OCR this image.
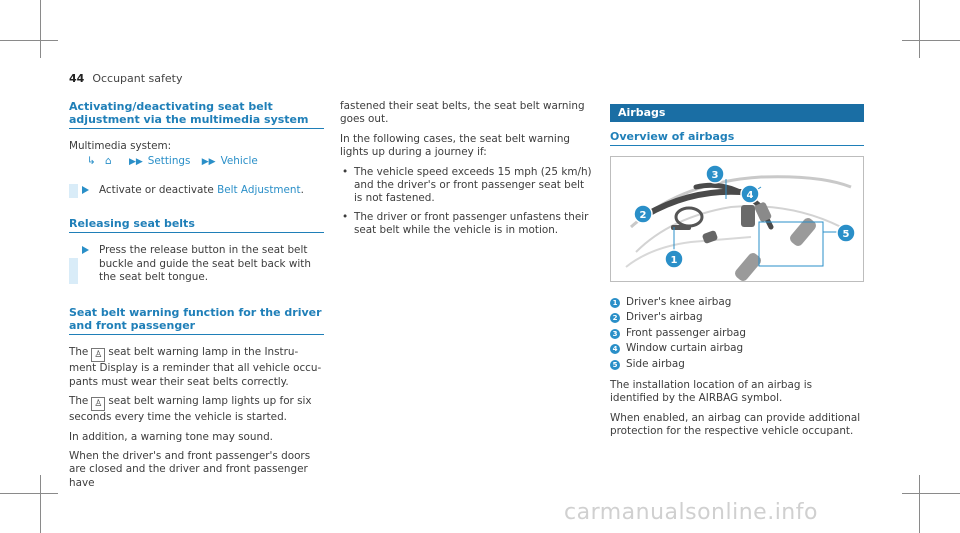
44 Occupant safety
Activating/deactivating seat belt adjustment via the multimedia system

Multimedia system:

↳ ⌂ ▶▶ Settings ▶▶ Vehicle
Activate or deactivate Belt Adjustment.
Releasing seat belts
Press the release button in the seat belt buckle and guide the seat belt back with the seat belt tongue.
Seat belt warning function for the driver and front passenger

The ♙ seat belt warning lamp in the Instru- ment Display is a reminder that all vehicle occu- pants must wear their seat belts correctly.

The ♙ seat belt warning lamp lights up for six seconds every time the vehicle is started.

In addition, a warning tone may sound.

When the driver's and front passenger's doors are closed and the driver and front passenger have

fastened their seat belts, the seat belt warning goes out.

In the following cases, the seat belt warning lights up during a journey if:

• The vehicle speed exceeds 15 mph (25 km/h) and the driver's or front passenger seat belt is not fastened.
• The driver or front passenger unfastens their seat belt while the vehicle is in motion.
Airbags
Overview of airbags
1
2
3
4
5
1 Driver's knee airbag
2 Driver's airbag
3 Front passenger airbag
4 Window curtain airbag
5 Side airbag

The installation location of an airbag is identified by the AIRBAG symbol.

When enabled, an airbag can provide additional protection for the respective vehicle occupant.

carmanualsonline.info
